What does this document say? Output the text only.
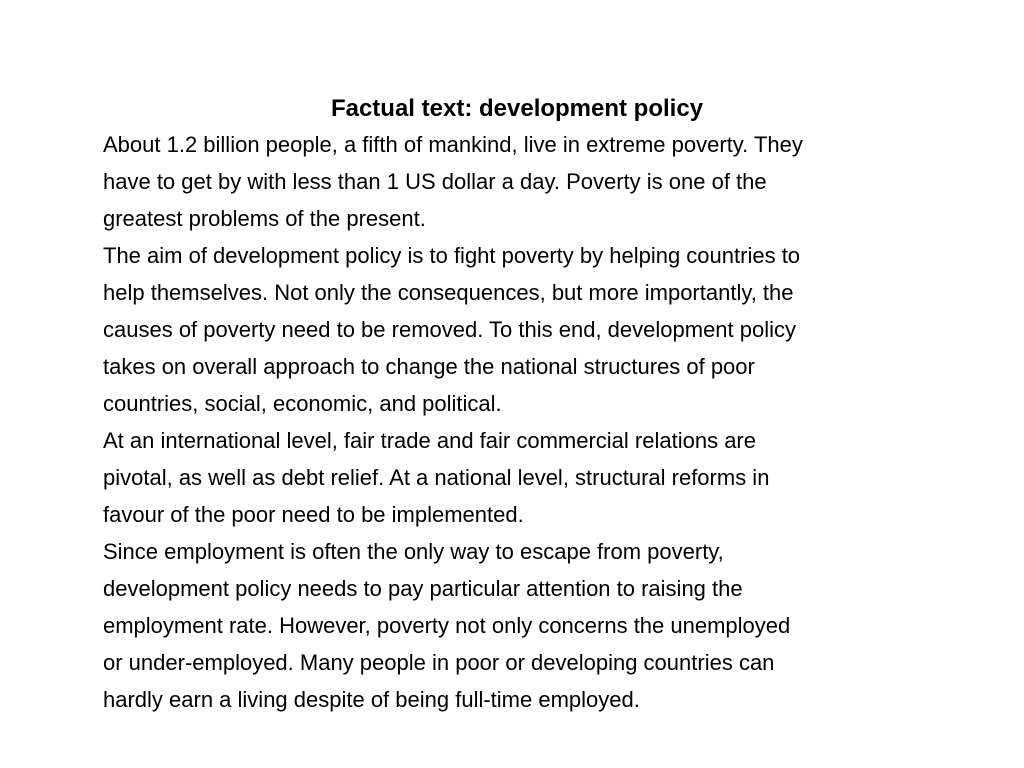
Factual text: development policy

About 1.2 billion people, a fifth of mankind, live in extreme poverty. They
have to get by with less than 1 US dollar a day. Poverty is one of the
greatest problems of the present.

The aim of development policy is to fight poverty by helping countries to
help themselves. Not only the consequences, but more importantly, the
causes of poverty need to be removed. To this end, development policy
takes on overall approach to change the national structures of poor
countries, social, economic, and political.

At an international level, fair trade and fair commercial relations are
pivotal, as well as debt relief. At a national level, structural reforms in
favour of the poor need to be implemented.

Since employment is often the only way to escape from poverty,
development policy needs to pay particular attention to raising the
employment rate. However, poverty not only concerns the unemployed
or under-employed. Many people in poor or developing countries can
hardly earn a living despite of being full-time employed.
